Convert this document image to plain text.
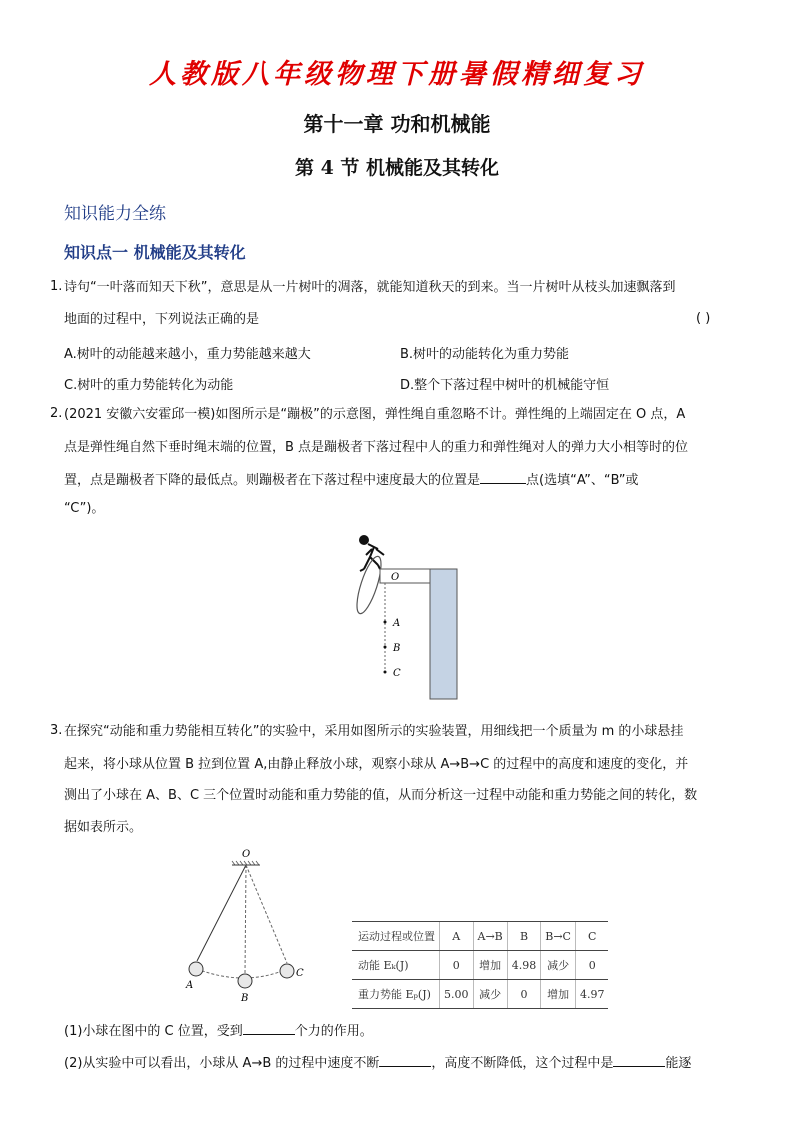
人教版八年级物理下册暑假精细复习
第十一章 功和机械能
第 4 节 机械能及其转化
知识能力全练
知识点一 机械能及其转化
1. 诗句“一叶落而知天下秋”，意思是从一片树叶的凋落，就能知道秋天的到来。当一片树叶从枝头加速飘落到
地面的过程中，下列说法正确的是	( )
A.树叶的动能越来越小，重力势能越来越大	B.树叶的动能转化为重力势能
C.树叶的重力势能转化为动能	D.整个下落过程中树叶的机械能守恒
2. (2021 安徽六安霍邱一模)如图所示是“蹦极”的示意图，弹性绳自重忽略不计。弹性绳的上端固定在 O 点，A
点是弹性绳自然下垂时绳末端的位置，B 点是蹦极者下落过程中人的重力和弹性绳对人的弹力大小相等时的位
置，点是蹦极者下降的最低点。则蹦极者在下落过程中速度最大的位置是	点(选填“A”、“B”或
“C”)。
O
A
B
C
3. 在探究“动能和重力势能相互转化”的实验中，采用如图所示的实验装置，用细线把一个质量为 m 的小球悬挂
起来，将小球从位置 B 拉到位置 A,由静止释放小球，观察小球从 A→B→C 的过程中的高度和速度的变化，并
测出了小球在 A、B、C 三个位置时动能和重力势能的值，从而分析这一过程中动能和重力势能之间的转化，数
据如表所示。
O
A
B
C
运动过程或位置	A	A→B	B	B→C	C
动能 Eₖ(J)	0	增加	4.98	减少	0
重力势能 Eₚ(J)	5.00	减少	0	增加	4.97
(1)小球在图中的 C 位置，受到	个力的作用。
(2)从实验中可以看出，小球从 A→B 的过程中速度不断	，高度不断降低，这个过程中是	能逐
